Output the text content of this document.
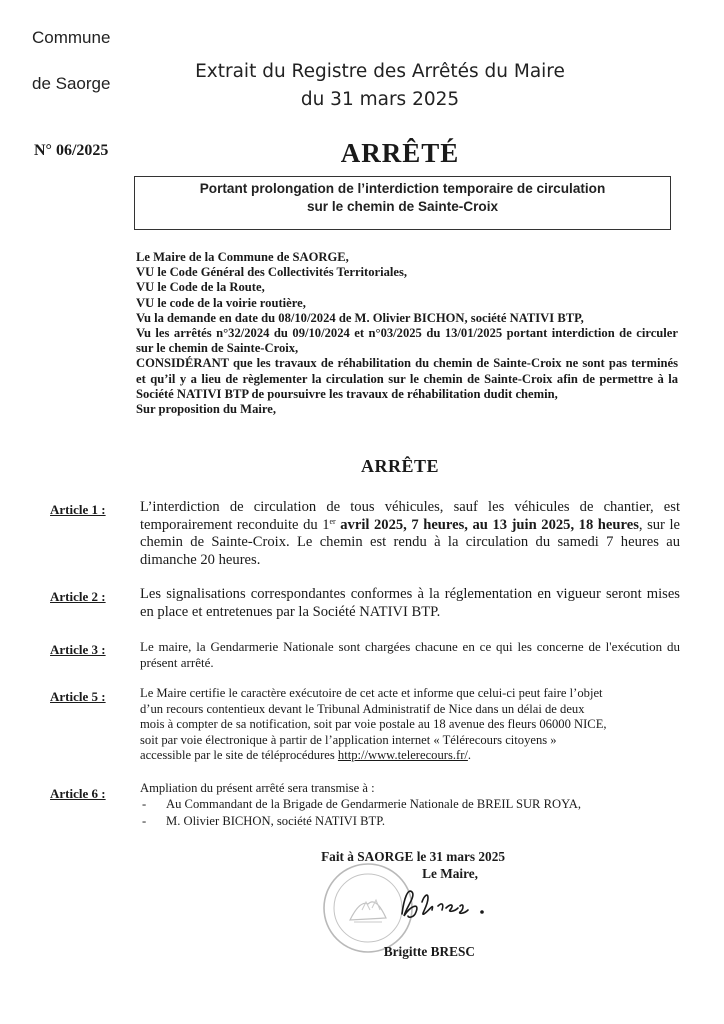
Commune
de Saorge
Extrait du Registre des Arrêtés du Maire
du 31 mars 2025
N° 06/2025	ARRÊTÉ
Portant prolongation de l’interdiction temporaire de circulation
sur le chemin de Sainte-Croix

Le Maire de la Commune de SAORGE,

VU le Code Général des Collectivités Territoriales,

VU le Code de la Route,

VU le code de la voirie routière,

Vu la demande en date du 08/10/2024 de M. Olivier BICHON, société NATIVI BTP,

Vu les arrêtés n°32/2024 du 09/10/2024 et n°03/2025 du 13/01/2025 portant interdiction de circuler sur le chemin de Sainte-Croix,

CONSIDÉRANT que les travaux de réhabilitation du chemin de Sainte-Croix ne sont pas terminés et qu’il y a lieu de règlementer la circulation sur le chemin de Sainte-Croix afin de permettre à la Société NATIVI BTP de poursuivre les travaux de réhabilitation dudit chemin,

Sur proposition du Maire,

ARRÊTE
Article 1 : L’interdiction de circulation de tous véhicules, sauf les véhicules de chantier, est temporairement reconduite du 1er avril 2025, 7 heures, au 13 juin 2025, 18 heures, sur le chemin de Sainte-Croix. Le chemin est rendu à la circulation du samedi 7 heures au dimanche 20 heures.
Article 2 : Les signalisations correspondantes conformes à la réglementation en vigueur seront mises en place et entretenues par la Société NATIVI BTP.
Article 3 :	Le maire, la Gendarmerie Nationale sont chargées chacune en ce qui les concerne de l'exécution du présent arrêté.
Article 5 :	Le Maire certifie le caractère exécutoire de cet acte et informe que celui-ci peut faire l’objet
d’un recours contentieux devant le Tribunal Administratif de Nice dans un délai de deux
mois à compter de sa notification, soit par voie postale au 18 avenue des fleurs 06000 NICE,
soit par voie électronique à partir de l’application internet « Télérecours citoyens »
accessible par le site de téléprocédures http://www.telerecours.fr/.
Article 6 :	Ampliation du présent arrêté sera transmise à :
- Au Commandant de la Brigade de Gendarmerie Nationale de BREIL SUR ROYA,
- M. Olivier BICHON, société NATIVI BTP.
Fait à SAORGE le 31 mars 2025
Le Maire,
Brigitte BRESC
